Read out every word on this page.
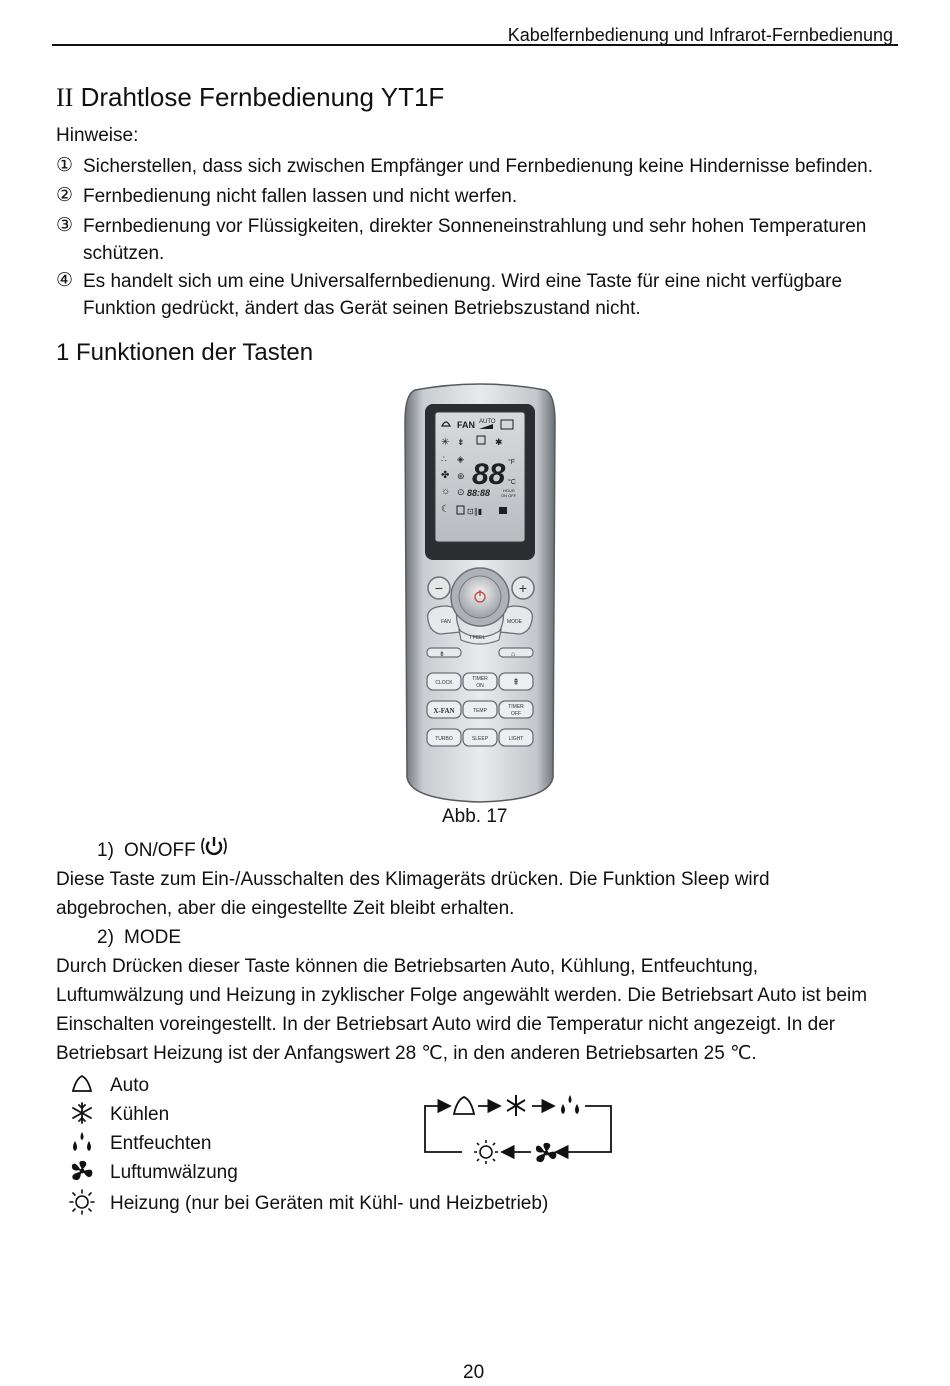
Kabelfernbedienung und Infrarot-Fernbedienung
II Drahtlose Fernbedienung YT1F
Hinweise:
① Sicherstellen, dass sich zwischen Empfänger und Fernbedienung keine Hindernisse befinden.
② Fernbedienung nicht fallen lassen und nicht werfen.
③ Fernbedienung vor Flüssigkeiten, direkter Sonneneinstrahlung und sehr hohen Temperaturen
schützen.
④ Es handelt sich um eine Universalfernbedienung. Wird eine Taste für eine nicht verfügbare
Funktion gedrückt, ändert das Gerät seinen Betriebszustand nicht.
1 Funktionen der Tasten
FAN AUTO
✳ ⇟	✱
∴
✤
☼
☾
◈
⊛
⊙
88 °F
°C
88:88	HOUR
ON OFF
⊡∥▮
−	+
FAN	MODE
I FEEL
⇟	⌂
CLOCK
TIMER
ON	⇞
X-FAN	TEMP
TIMER
OFF
TURBO	SLEEP	LIGHT
Abb. 17
1) ON/OFF
Diese Taste zum Ein-/Ausschalten des Klimageräts drücken. Die Funktion Sleep wird
abgebrochen, aber die eingestellte Zeit bleibt erhalten.
2) MODE
Durch Drücken dieser Taste können die Betriebsarten Auto, Kühlung, Entfeuchtung,
Luftumwälzung und Heizung in zyklischer Folge angewählt werden. Die Betriebsart Auto ist beim
Einschalten voreingestellt. In der Betriebsart Auto wird die Temperatur nicht angezeigt. In der
Betriebsart Heizung ist der Anfangswert 28 ℃, in den anderen Betriebsarten 25 ℃.
Auto
Kühlen
Entfeuchten
Luftumwälzung
Heizung (nur bei Geräten mit Kühl- und Heizbetrieb)
20
